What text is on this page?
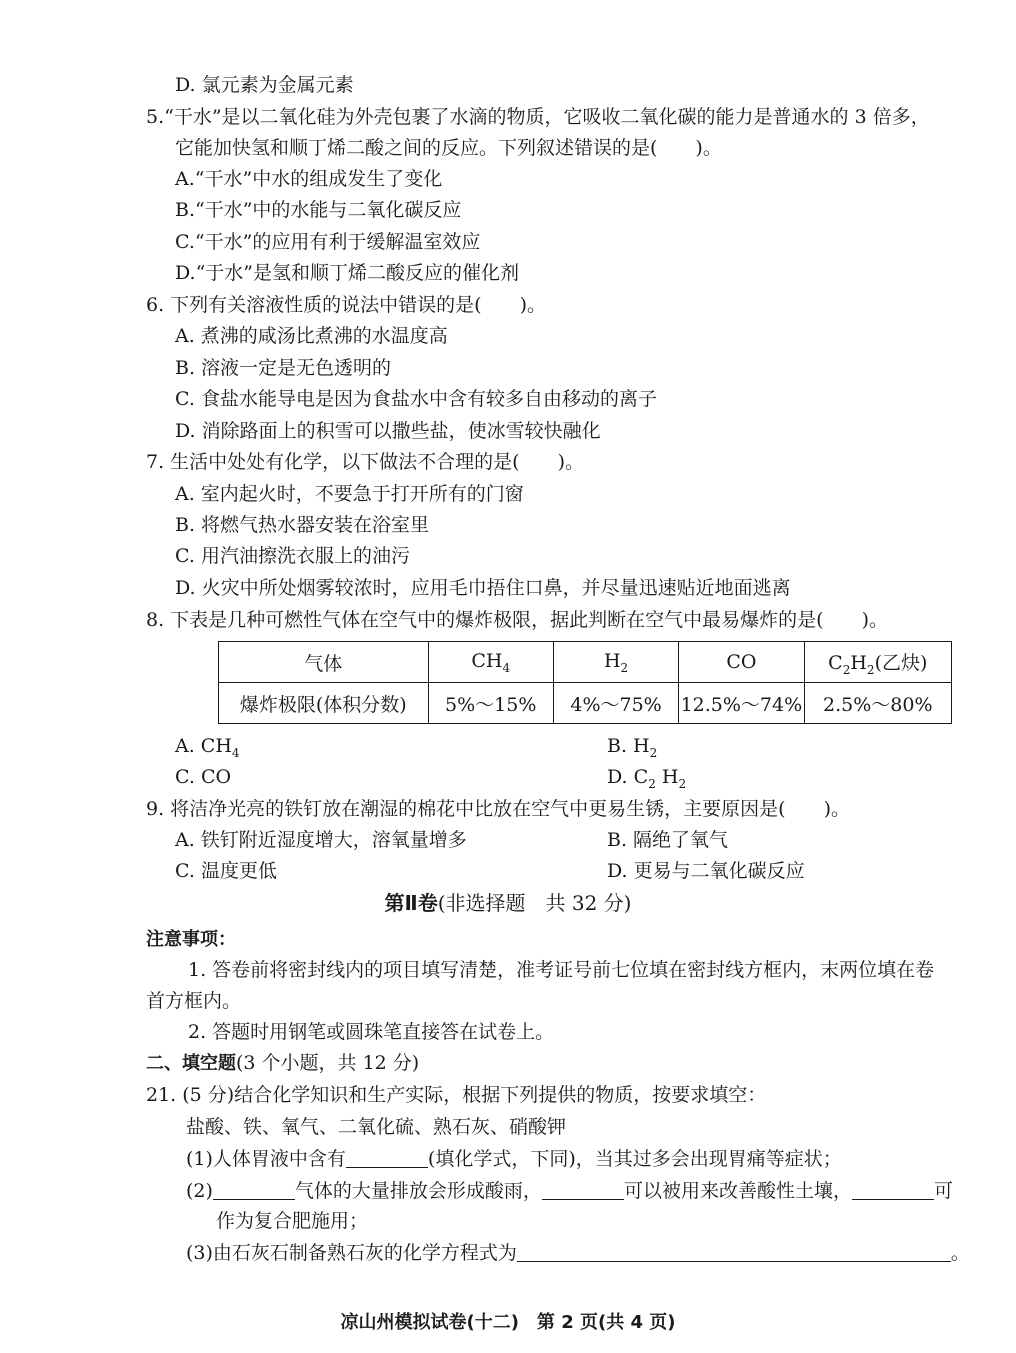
D. 氯元素为金属元素
5.“干水”是以二氧化硅为外壳包裹了水滴的物质，它吸收二氧化碳的能力是普通水的 3 倍多，
它能加快氢和顺丁烯二酸之间的反应。下列叙述错误的是(　　)。
A.“干水”中水的组成发生了变化
B.“干水”中的水能与二氧化碳反应
C.“干水”的应用有利于缓解温室效应
D.“于水”是氢和顺丁烯二酸反应的催化剂
6. 下列有关溶液性质的说法中错误的是(　　)。
A. 煮沸的咸汤比煮沸的水温度高
B. 溶液一定是无色透明的
C. 食盐水能导电是因为食盐水中含有较多自由移动的离子
D. 消除路面上的积雪可以撒些盐，使冰雪较快融化
7. 生活中处处有化学，以下做法不合理的是(　　)。
A. 室内起火时，不要急于打开所有的门窗
B. 将燃气热水器安装在浴室里
C. 用汽油擦洗衣服上的油污
D. 火灾中所处烟雾较浓时，应用毛巾捂住口鼻，并尽量迅速贴近地面逃离
8. 下表是几种可燃性气体在空气中的爆炸极限，据此判断在空气中最易爆炸的是(　　)。
气体	$CH_4$	$H_2$	CO	$C_2H_2$(乙炔)
爆炸极限(体积分数)	5%～15%	4%～75%	12.5%～74%	2.5%～80%
A. $CH_4$	B. $H_2$
C. CO	D. $C_2$ $H_2$
9. 将洁净光亮的铁钉放在潮湿的棉花中比放在空气中更易生锈，主要原因是(　　)。
A. 铁钉附近湿度增大，溶氧量增多	B. 隔绝了氧气
C. 温度更低	D. 更易与二氧化碳反应
第Ⅱ卷(非选择题　共 32 分)
注意事项：
1. 答卷前将密封线内的项目填写清楚，准考证号前七位填在密封线方框内，末两位填在卷
首方框内。
2. 答题时用钢笔或圆珠笔直接答在试卷上。
二、填空题(3 个小题，共 12 分)
21. (5 分)结合化学知识和生产实际，根据下列提供的物质，按要求填空：
盐酸、铁、氧气、二氧化硫、熟石灰、硝酸钾
(1)人体胃液中含有	(填化学式，下同)，当其过多会出现胃痛等症状；
(2)	气体的大量排放会形成酸雨，	可以被用来改善酸性土壤，	可
作为复合肥施用；
(3)由石灰石制备熟石灰的化学方程式为	。
凉山州模拟试卷(十二)　第 2 页(共 4 页)
